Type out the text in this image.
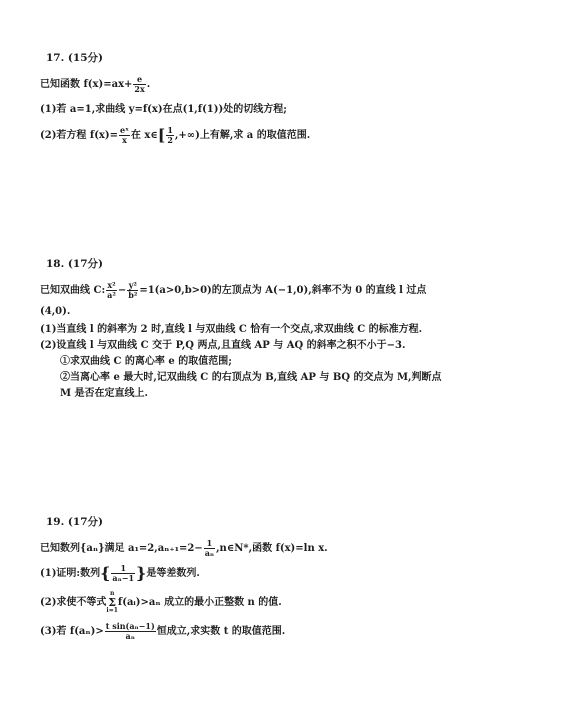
17. (15分)
已知函数 $f(x)=ax+ \frac{e}{2x}$ .
(1)若 a=1,求曲线 y=f(x)在点(1,f(1))处的切线方程;
(2)若方程 $f(x)= \frac{\text{eˣ}}{x}$ 在 x∈[ $\frac{1}{2}$ ,+∞)上有解,求 a 的取值范围.
18. (17分)
已知双曲线 C: $\frac{\text{x²}}{\text{a²}} - \frac{\text{y²}}{\text{b²}} =1(a>0,b>0)$的左顶点为 A(−1,0),斜率不为 0 的直线 l 过点
(4,0).
(1)当直线 l 的斜率为 2 时,直线 l 与双曲线 C 恰有一个交点,求双曲线 C 的标准方程.
(2)设直线 l 与双曲线 C 交于 P,Q 两点,且直线 AP 与 AQ 的斜率之积不小于−3.
①求双曲线 C 的离心率 e 的取值范围;
②当离心率 e 最大时,记双曲线 C 的右顶点为 B,直线 AP 与 BQ 的交点为 M,判断点
M 是否在定直线上.
19. (17分)
已知数列{aₙ}满足 $a_1=2,a_{n+1}=2- \frac{1}{\text{aₙ}}$ ,n∈N*,函数 f(x)=ln x.
(1)证明:数列{ $\frac{1}{\text{aₙ−1}}$ }是等差数列.
(2)求使不等式n
Σ
i=1f(aᵢ)>aₙ 成立的最小正整数 n 的值.
(3)若 $f(a_n)> \frac{\text{t sin(aₙ−1)}}{\text{aₙ}}$ 恒成立,求实数 t 的取值范围.
